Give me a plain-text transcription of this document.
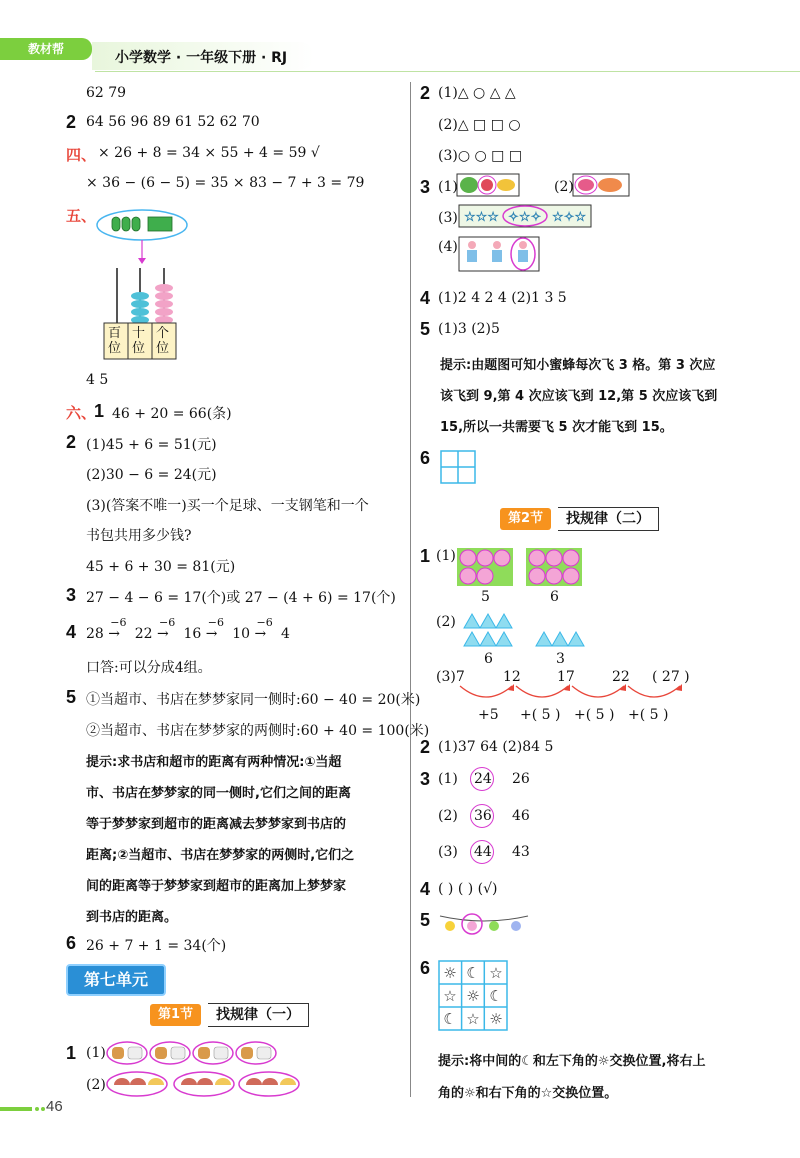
教材帮
小学数学 · 一年级下册 · RJ
62 79
2 64 56 96 89 61 52 62 70
四、 × 26 + 8 = 34 × 55 + 4 = 59 √
× 36 − (6 − 5) = 35 × 83 − 7 + 3 = 79
五、
百位
十位
个位
4 5
六、
1 46 + 20 = 66(条)
2 (1)45 + 6 = 51(元)
(2)30 − 6 = 24(元)
(3)(答案不唯一)买一个足球、一支钢笔和一个
书包共用多少钱?
45 + 6 + 30 = 81(元)
3 27 − 4 − 6 = 17(个)或 27 − (4 + 6) = 17(个)
4 28
−6
→ 22
−6
→ 16
−6
→ 10
−6
→ 4
口答:可以分成4组。
5 ①当超市、书店在梦梦家同一侧时:60 − 40 = 20(米)
②当超市、书店在梦梦家的两侧时:60 + 40 = 100(米)
提示:求书店和超市的距离有两种情况:①当超
市、书店在梦梦家的同一侧时,它们之间的距离
等于梦梦家到超市的距离减去梦梦家到书店的
距离;②当超市、书店在梦梦家的两侧时,它们之
间的距离等于梦梦家到超市的距离加上梦梦家
到书店的距离。
6 26 + 7 + 1 = 34(个)
第七单元
第1节	找规律（一）
1 (1)
(2)
2 (1)△ ○ △ △
(2)△ □ □ ○
(3)○ ○ □ □
3 (1)	(2)
(3) ☆☆☆ ✧☆✧ ☆✧☆
(4)
4 (1)2 4 2 4 (2)1 3 5
5 (1)3 (2)5
提示:由题图可知小蜜蜂每次飞 3 格。第 3 次应
该飞到 9,第 4 次应该飞到 12,第 5 次应该飞到
15,所以一共需要飞 5 次才能飞到 15。
6
第2节	找规律（二）
1 (1)
5	6
(2)
6	3
(3)7	12	17	22 ( 27 )
+5 +( 5 ) +( 5 ) +( 5 )
2 (1)37 64 (2)84 5
3 (1) 24 26
(2) 36 46
(3) 44 43
4 ( ) ( ) (√)
5
6 ☼ ☾ ☆
☆ ☼ ☾
☾ ☆ ☼
提示:将中间的☾和左下角的☼交换位置,将右上
角的☼和右下角的☆交换位置。
46
